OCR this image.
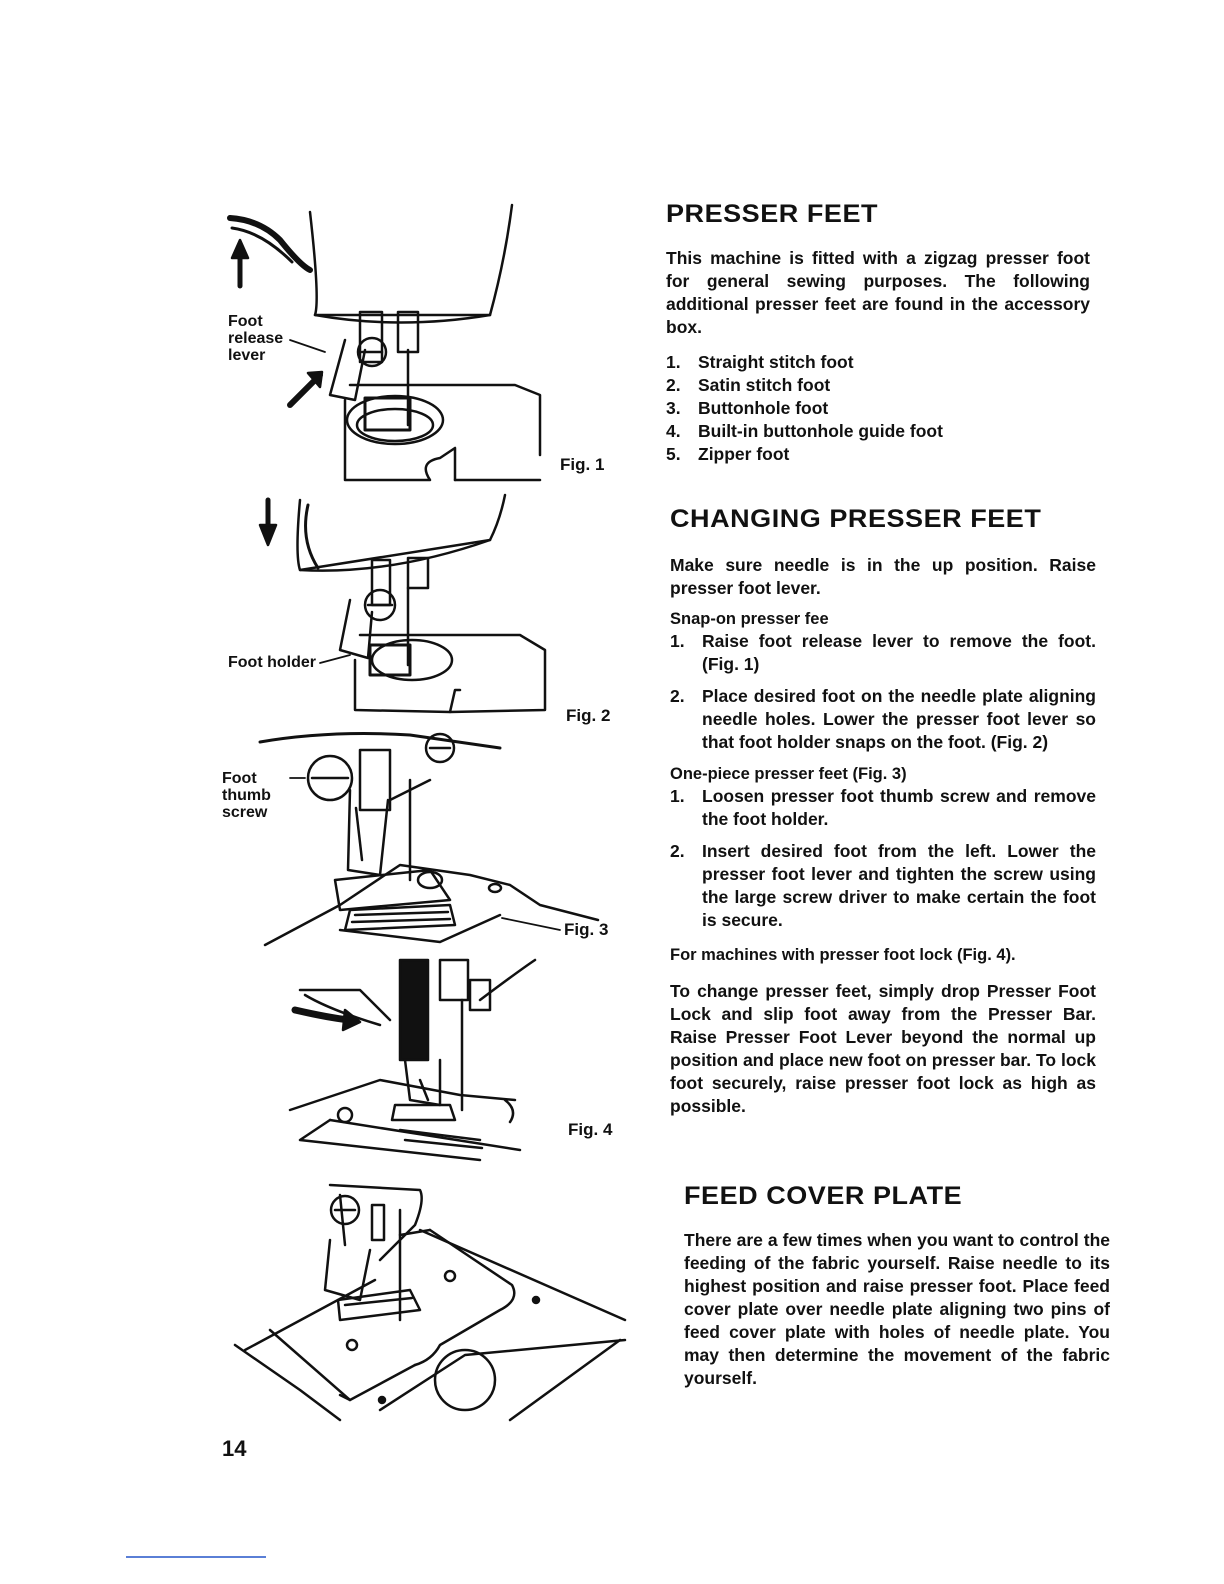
Fig. 1
Fig. 2
Fig. 3
Fig. 4
Foot
release
lever
Foot holder
Foot
thumb
screw
PRESSER FEET

This machine is fitted with a zigzag presser foot for general sewing purposes. The following additional presser feet are found in the accessory box.

1. Straight stitch foot
2. Satin stitch foot
3. Buttonhole foot
4. Built-in buttonhole guide foot
5. Zipper foot
CHANGING PRESSER FEET

Make sure needle is in the up position. Raise presser foot lever.

Snap-on presser fee
1. Raise foot release lever to remove the foot. (Fig. 1)
2. Place desired foot on the needle plate aligning needle holes. Lower the presser foot lever so that foot holder snaps on the foot. (Fig. 2)
One-piece presser feet (Fig. 3)
1. Loosen presser foot thumb screw and remove the foot holder.
2. Insert desired foot from the left. Lower the presser foot lever and tighten the screw using the large screw driver to make certain the foot is secure.
For machines with presser foot lock (Fig. 4).

To change presser feet, simply drop Presser Foot Lock and slip foot away from the Presser Bar. Raise Presser Foot Lever beyond the normal up position and place new foot on presser bar. To lock foot securely, raise presser foot lock as high as possible.

FEED COVER PLATE

There are a few times when you want to control the feeding of the fabric yourself. Raise needle to its highest position and raise presser foot. Place feed cover plate over needle plate aligning two pins of feed cover plate with holes of needle plate. You may then determine the movement of the fabric yourself.

14
